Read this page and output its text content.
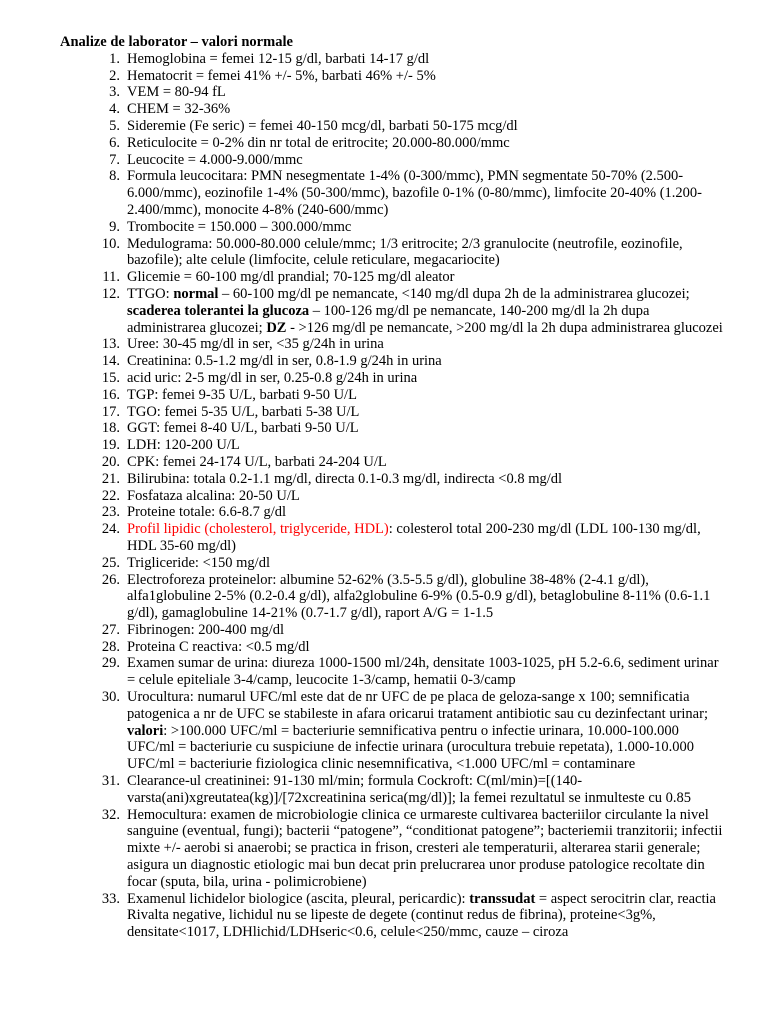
Analize de laborator – valori normale
1. Hemoglobina = femei 12-15 g/dl, barbati 14-17 g/dl
2. Hematocrit = femei 41% +/- 5%, barbati 46% +/- 5%
3. VEM = 80-94 fL
4. CHEM = 32-36%
5. Sideremie (Fe seric) = femei 40-150 mcg/dl, barbati 50-175 mcg/dl
6. Reticulocite = 0-2% din nr total de eritrocite; 20.000-80.000/mmc
7. Leucocite = 4.000-9.000/mmc
8. Formula leucocitara: PMN nesegmentate 1-4% (0-300/mmc), PMN segmentate 50-70% (2.500-6.000/mmc), eozinofile 1-4% (50-300/mmc), bazofile 0-1% (0-80/mmc), limfocite 20-40% (1.200-2.400/mmc), monocite 4-8% (240-600/mmc)
9. Trombocite = 150.000 – 300.000/mmc
10. Medulograma: 50.000-80.000 celule/mmc; 1/3 eritrocite; 2/3 granulocite (neutrofile, eozinofile, bazofile); alte celule (limfocite, celule reticulare, megacariocite)
11. Glicemie = 60-100 mg/dl prandial; 70-125 mg/dl aleator
12. TTGO: normal – 60-100 mg/dl pe nemancate, <140 mg/dl dupa 2h de la administrarea glucozei; scaderea tolerantei la glucoza – 100-126 mg/dl pe nemancate, 140-200 mg/dl la 2h dupa administrarea glucozei; DZ - >126 mg/dl pe nemancate, >200 mg/dl la 2h dupa administrarea glucozei
13. Uree: 30-45 mg/dl in ser, <35 g/24h in urina
14. Creatinina: 0.5-1.2 mg/dl in ser, 0.8-1.9 g/24h in urina
15. acid uric: 2-5 mg/dl in ser, 0.25-0.8 g/24h in urina
16. TGP: femei 9-35 U/L, barbati 9-50 U/L
17. TGO: femei 5-35 U/L, barbati 5-38 U/L
18. GGT: femei 8-40 U/L, barbati 9-50 U/L
19. LDH: 120-200 U/L
20. CPK: femei 24-174 U/L, barbati 24-204 U/L
21. Bilirubina: totala 0.2-1.1 mg/dl, directa 0.1-0.3 mg/dl, indirecta <0.8 mg/dl
22. Fosfataza alcalina: 20-50 U/L
23. Proteine totale: 6.6-8.7 g/dl
24. Profil lipidic (cholesterol, triglyceride, HDL): colesterol total 200-230 mg/dl (LDL 100-130 mg/dl, HDL 35-60 mg/dl)
25. Trigliceride: <150 mg/dl
26. Electroforeza proteinelor: albumine 52-62% (3.5-5.5 g/dl), globuline 38-48% (2-4.1 g/dl), alfa1globuline 2-5% (0.2-0.4 g/dl), alfa2globuline 6-9% (0.5-0.9 g/dl), betaglobuline 8-11% (0.6-1.1 g/dl), gamaglobuline 14-21% (0.7-1.7 g/dl), raport A/G = 1-1.5
27. Fibrinogen: 200-400 mg/dl
28. Proteina C reactiva: <0.5 mg/dl
29. Examen sumar de urina: diureza 1000-1500 ml/24h, densitate 1003-1025, pH 5.2-6.6, sediment urinar = celule epiteliale 3-4/camp, leucocite 1-3/camp, hematii 0-3/camp
30. Urocultura: numarul UFC/ml este dat de nr UFC de pe placa de geloza-sange x 100; semnificatia patogenica a nr de UFC se stabileste in afara oricarui tratament antibiotic sau cu dezinfectant urinar; valori: >100.000 UFC/ml = bacteriurie semnificativa pentru o infectie urinara, 10.000-100.000 UFC/ml = bacteriurie cu suspiciune de infectie urinara (urocultura trebuie repetata), 1.000-10.000 UFC/ml = bacteriurie fiziologica clinic nesemnificativa, <1.000 UFC/ml = contaminare
31. Clearance-ul creatininei: 91-130 ml/min; formula Cockroft: C(ml/min)=[(140-varsta(ani)xgreutatea(kg)]/[72xcreatinina serica(mg/dl)]; la femei rezultatul se inmulteste cu 0.85
32. Hemocultura: examen de microbiologie clinica ce urmareste cultivarea bacteriilor circulante la nivel sanguine (eventual, fungi); bacterii “patogene”, “conditionat patogene”; bacteriemii tranzitorii; infectii mixte +/- aerobi si anaerobi; se practica in frison, cresteri ale temperaturii, alterarea starii generale; asigura un diagnostic etiologic mai bun decat prin prelucrarea unor produse patologice recoltate din focar (sputa, bila, urina - polimicrobiene)
33. Examenul lichidelor biologice (ascita, pleural, pericardic): transsudat = aspect serocitrin clar, reactia Rivalta negative, lichidul nu se lipeste de degete (continut redus de fibrina), proteine<3g%, densitate<1017, LDHlichid/LDHseric<0.6, celule<250/mmc, cauze – ciroza
